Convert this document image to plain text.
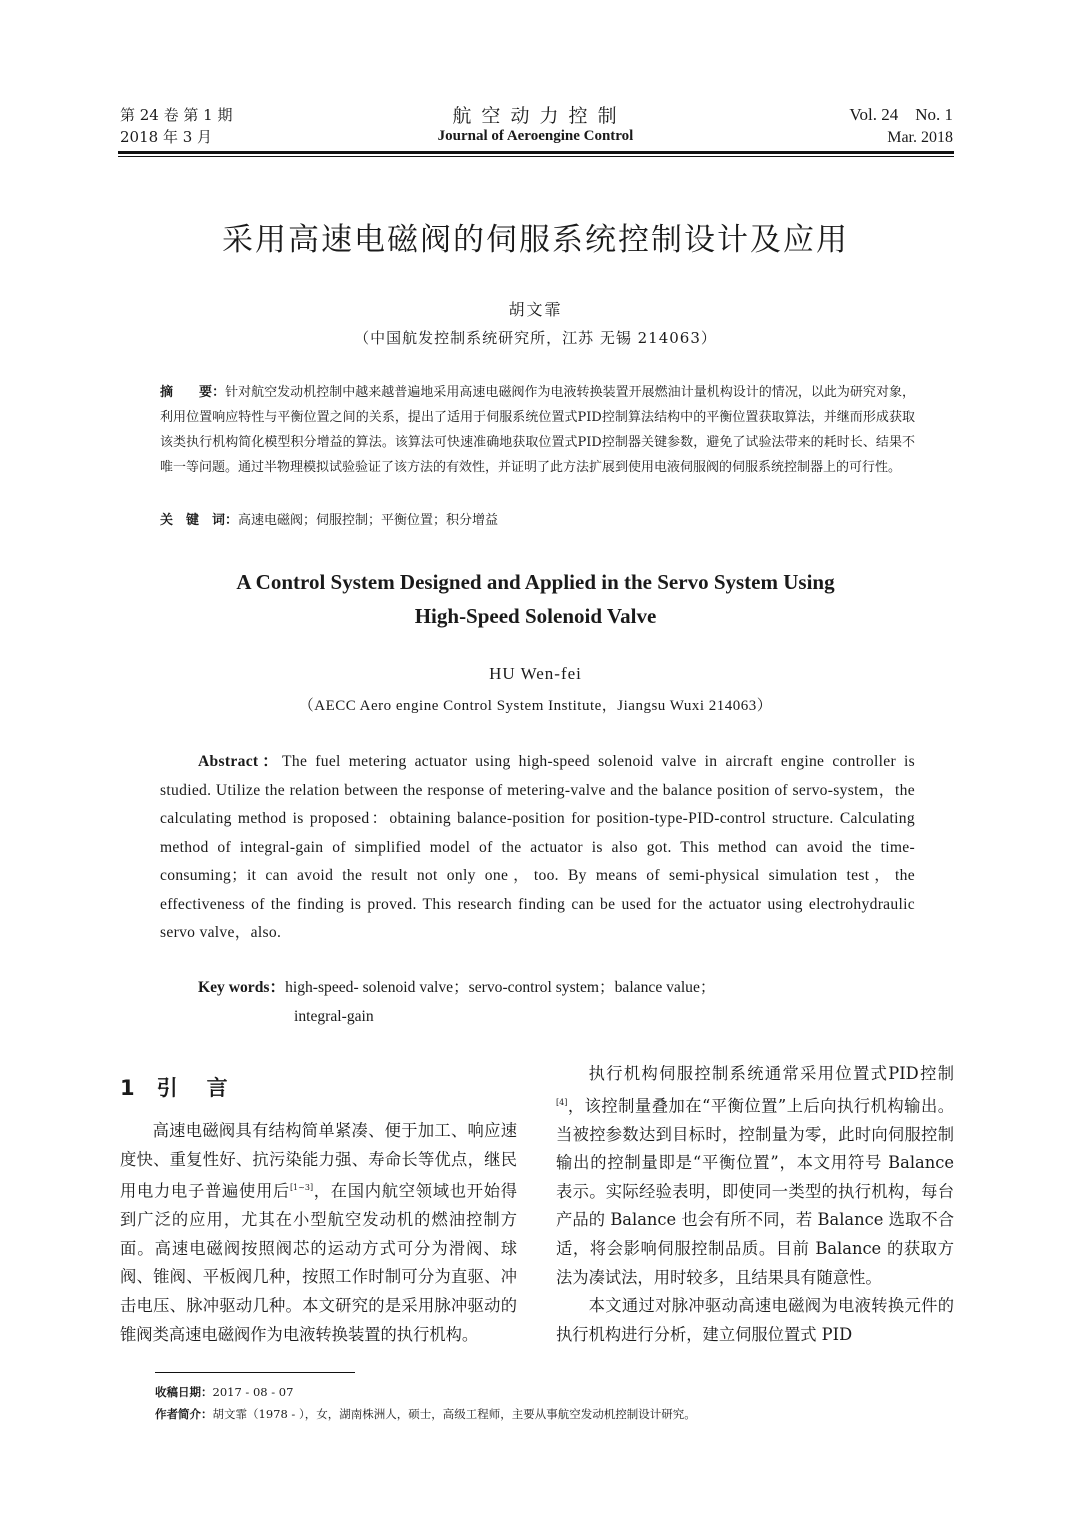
第 24 卷 第 1 期
2018 年 3 月
航 空 动 力 控 制
Journal of Aeroengine Control
Vol. 24    No. 1
Mar. 2018
采用高速电磁阀的伺服系统控制设计及应用
胡文霏
（中国航发控制系统研究所，江苏 无锡 214063）
摘　　要：针对航空发动机控制中越来越普遍地采用高速电磁阀作为电液转换装置开展燃油计量机构设计的情况，以此为研究对象，利用位置响应特性与平衡位置之间的关系，提出了适用于伺服系统位置式PID控制算法结构中的平衡位置获取算法，并继而形成获取该类执行机构简化模型积分增益的算法。该算法可快速准确地获取位置式PID控制器关键参数，避免了试验法带来的耗时长、结果不唯一等问题。通过半物理模拟试验验证了该方法的有效性，并证明了此方法扩展到使用电液伺服阀的伺服系统控制器上的可行性。
关　键　词：高速电磁阀；伺服控制；平衡位置；积分增益
A Control System Designed and Applied in the Servo System Using
High-Speed Solenoid Valve
HU Wen-fei
（AECC Aero engine Control System Institute，Jiangsu Wuxi 214063）
Abstract：The fuel metering actuator using high-speed solenoid valve in aircraft engine controller is studied. Utilize the relation between the response of metering-valve and the balance position of servo-system，the calculating method is proposed：obtaining balance-position for position-type-PID-control structure. Calculating method of integral-gain of simplified model of the actuator is also got. This method can avoid the time-consuming；it can avoid the result not only one，too. By means of semi-physical simulation test，the effectiveness of the finding is proved. This research finding can be used for the actuator using electrohydraulic servo valve，also.
Key words：high-speed- solenoid valve；servo-control system；balance value；
integral-gain
1 引　言

高速电磁阀具有结构简单紧凑、便于加工、响应速度快、重复性好、抗污染能力强、寿命长等优点，继民用电力电子普遍使用后[1~3]，在国内航空领域也开始得到广泛的应用，尤其在小型航空发动机的燃油控制方面。高速电磁阀按照阀芯的运动方式可分为滑阀、球阀、锥阀、平板阀几种，按照工作时制可分为直驱、冲击电压、脉冲驱动几种。本文研究的是采用脉冲驱动的锥阀类高速电磁阀作为电液转换装置的执行机构。

执行机构伺服控制系统通常采用位置式PID控制[4]，该控制量叠加在“平衡位置”上后向执行机构输出。当被控参数达到目标时，控制量为零，此时向伺服控制输出的控制量即是“平衡位置”，本文用符号 Balance 表示。实际经验表明，即使同一类型的执行机构，每台产品的 Balance 也会有所不同，若 Balance 选取不合适，将会影响伺服控制品质。目前 Balance 的获取方法为凑试法，用时较多，且结果具有随意性。

本文通过对脉冲驱动高速电磁阀为电液转换元件的执行机构进行分析，建立伺服位置式 PID

收稿日期：2017 - 08 - 07
作者简介：胡文霏（1978 - ），女，湖南株洲人，硕士，高级工程师，主要从事航空发动机控制设计研究。
